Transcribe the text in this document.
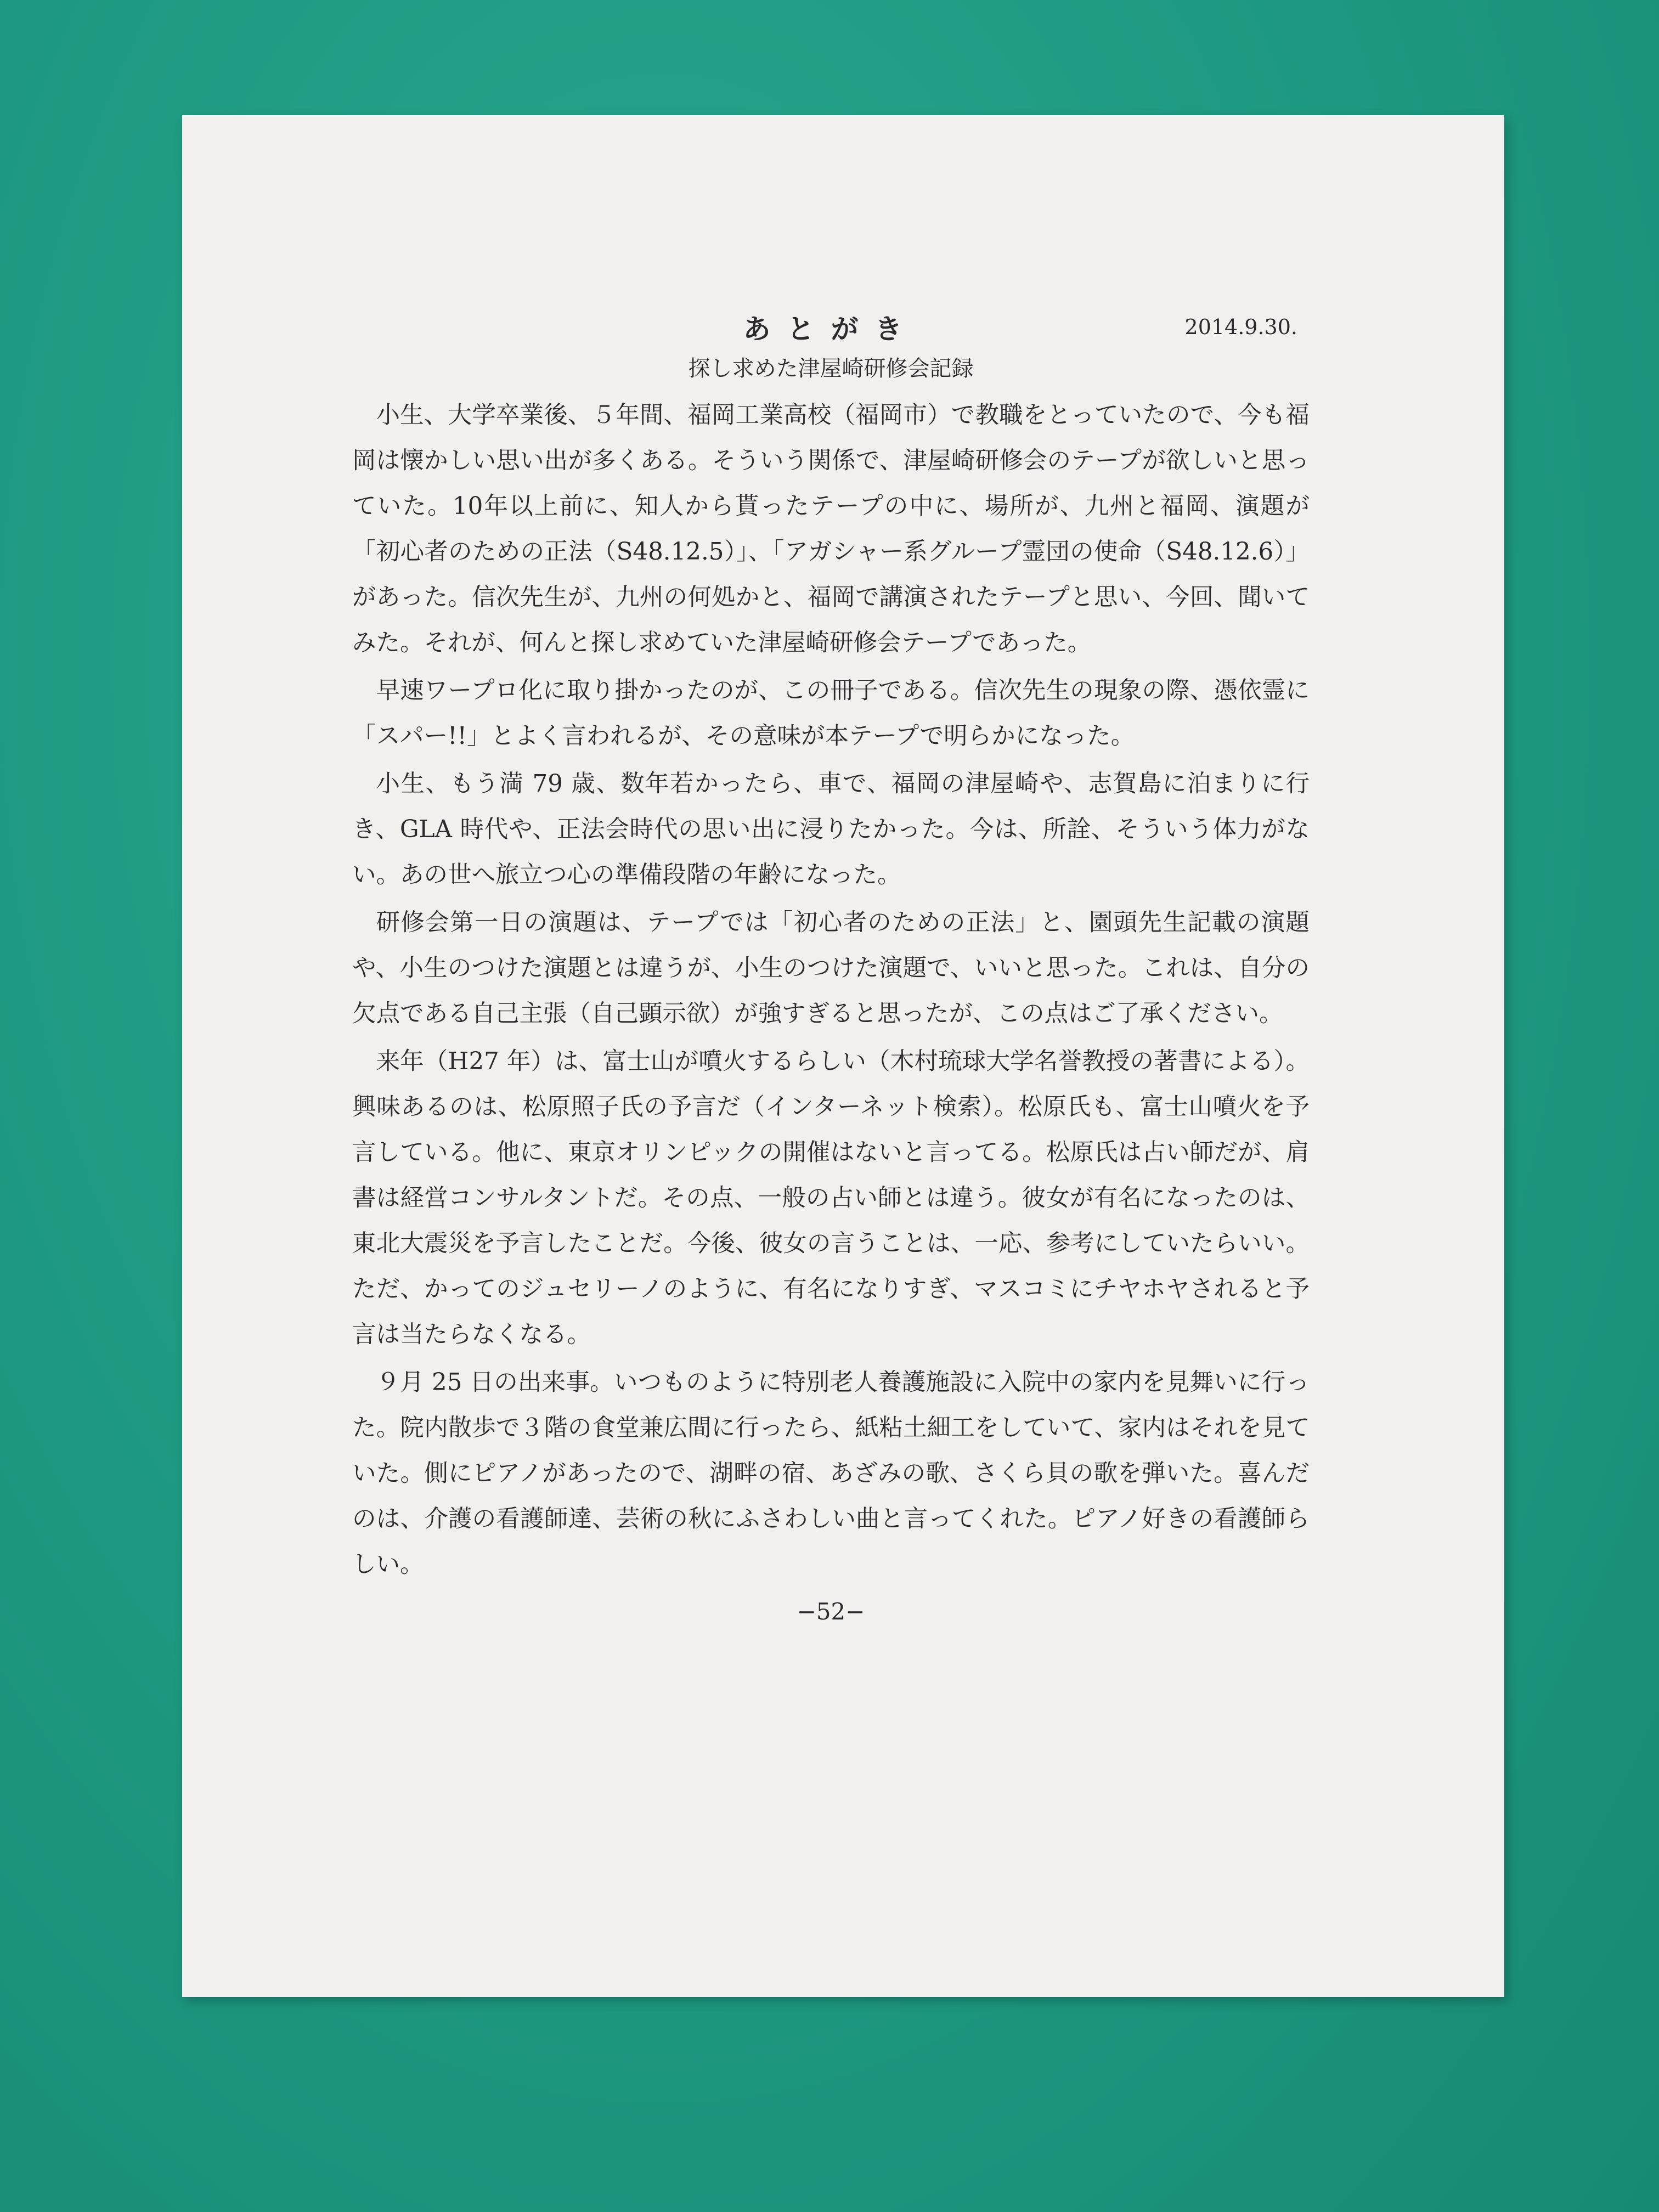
あとがき	2014.9.30.
探し求めた津屋崎研修会記録

小生、大学卒業後、５年間、福岡工業高校（福岡市）で教職をとっていたので、今も福岡は懐かしい思い出が多くある。そういう関係で、津屋崎研修会のテープが欲しいと思っていた。10年以上前に、知人から貰ったテープの中に、場所が、九州と福岡、演題が「初心者のための正法（S48.12.5）」、「アガシャー系グループ霊団の使命（S48.12.6）」があった。信次先生が、九州の何処かと、福岡で講演されたテープと思い、今回、聞いてみた。それが、何んと探し求めていた津屋崎研修会テープであった。

早速ワープロ化に取り掛かったのが、この冊子である。信次先生の現象の際、憑依霊に「スパー!!」とよく言われるが、その意味が本テープで明らかになった。

小生、もう満 79 歳、数年若かったら、車で、福岡の津屋崎や、志賀島に泊まりに行き、GLA 時代や、正法会時代の思い出に浸りたかった。今は、所詮、そういう体力がない。あの世へ旅立つ心の準備段階の年齢になった。

研修会第一日の演題は、テープでは「初心者のための正法」と、園頭先生記載の演題や、小生のつけた演題とは違うが、小生のつけた演題で、いいと思った。これは、自分の欠点である自己主張（自己顕示欲）が強すぎると思ったが、この点はご了承ください。

来年（H27 年）は、富士山が噴火するらしい（木村琉球大学名誉教授の著書による）。興味あるのは、松原照子氏の予言だ（インターネット検索）。松原氏も、富士山噴火を予言している。他に、東京オリンピックの開催はないと言ってる。松原氏は占い師だが、肩書は経営コンサルタントだ。その点、一般の占い師とは違う。彼女が有名になったのは、東北大震災を予言したことだ。今後、彼女の言うことは、一応、参考にしていたらいい。ただ、かってのジュセリーノのように、有名になりすぎ、マスコミにチヤホヤされると予言は当たらなくなる。

９月 25 日の出来事。いつものように特別老人養護施設に入院中の家内を見舞いに行った。院内散歩で３階の食堂兼広間に行ったら、紙粘土細工をしていて、家内はそれを見ていた。側にピアノがあったので、湖畔の宿、あざみの歌、さくら貝の歌を弾いた。喜んだのは、介護の看護師達、芸術の秋にふさわしい曲と言ってくれた。ピアノ好きの看護師らしい。

−52−
